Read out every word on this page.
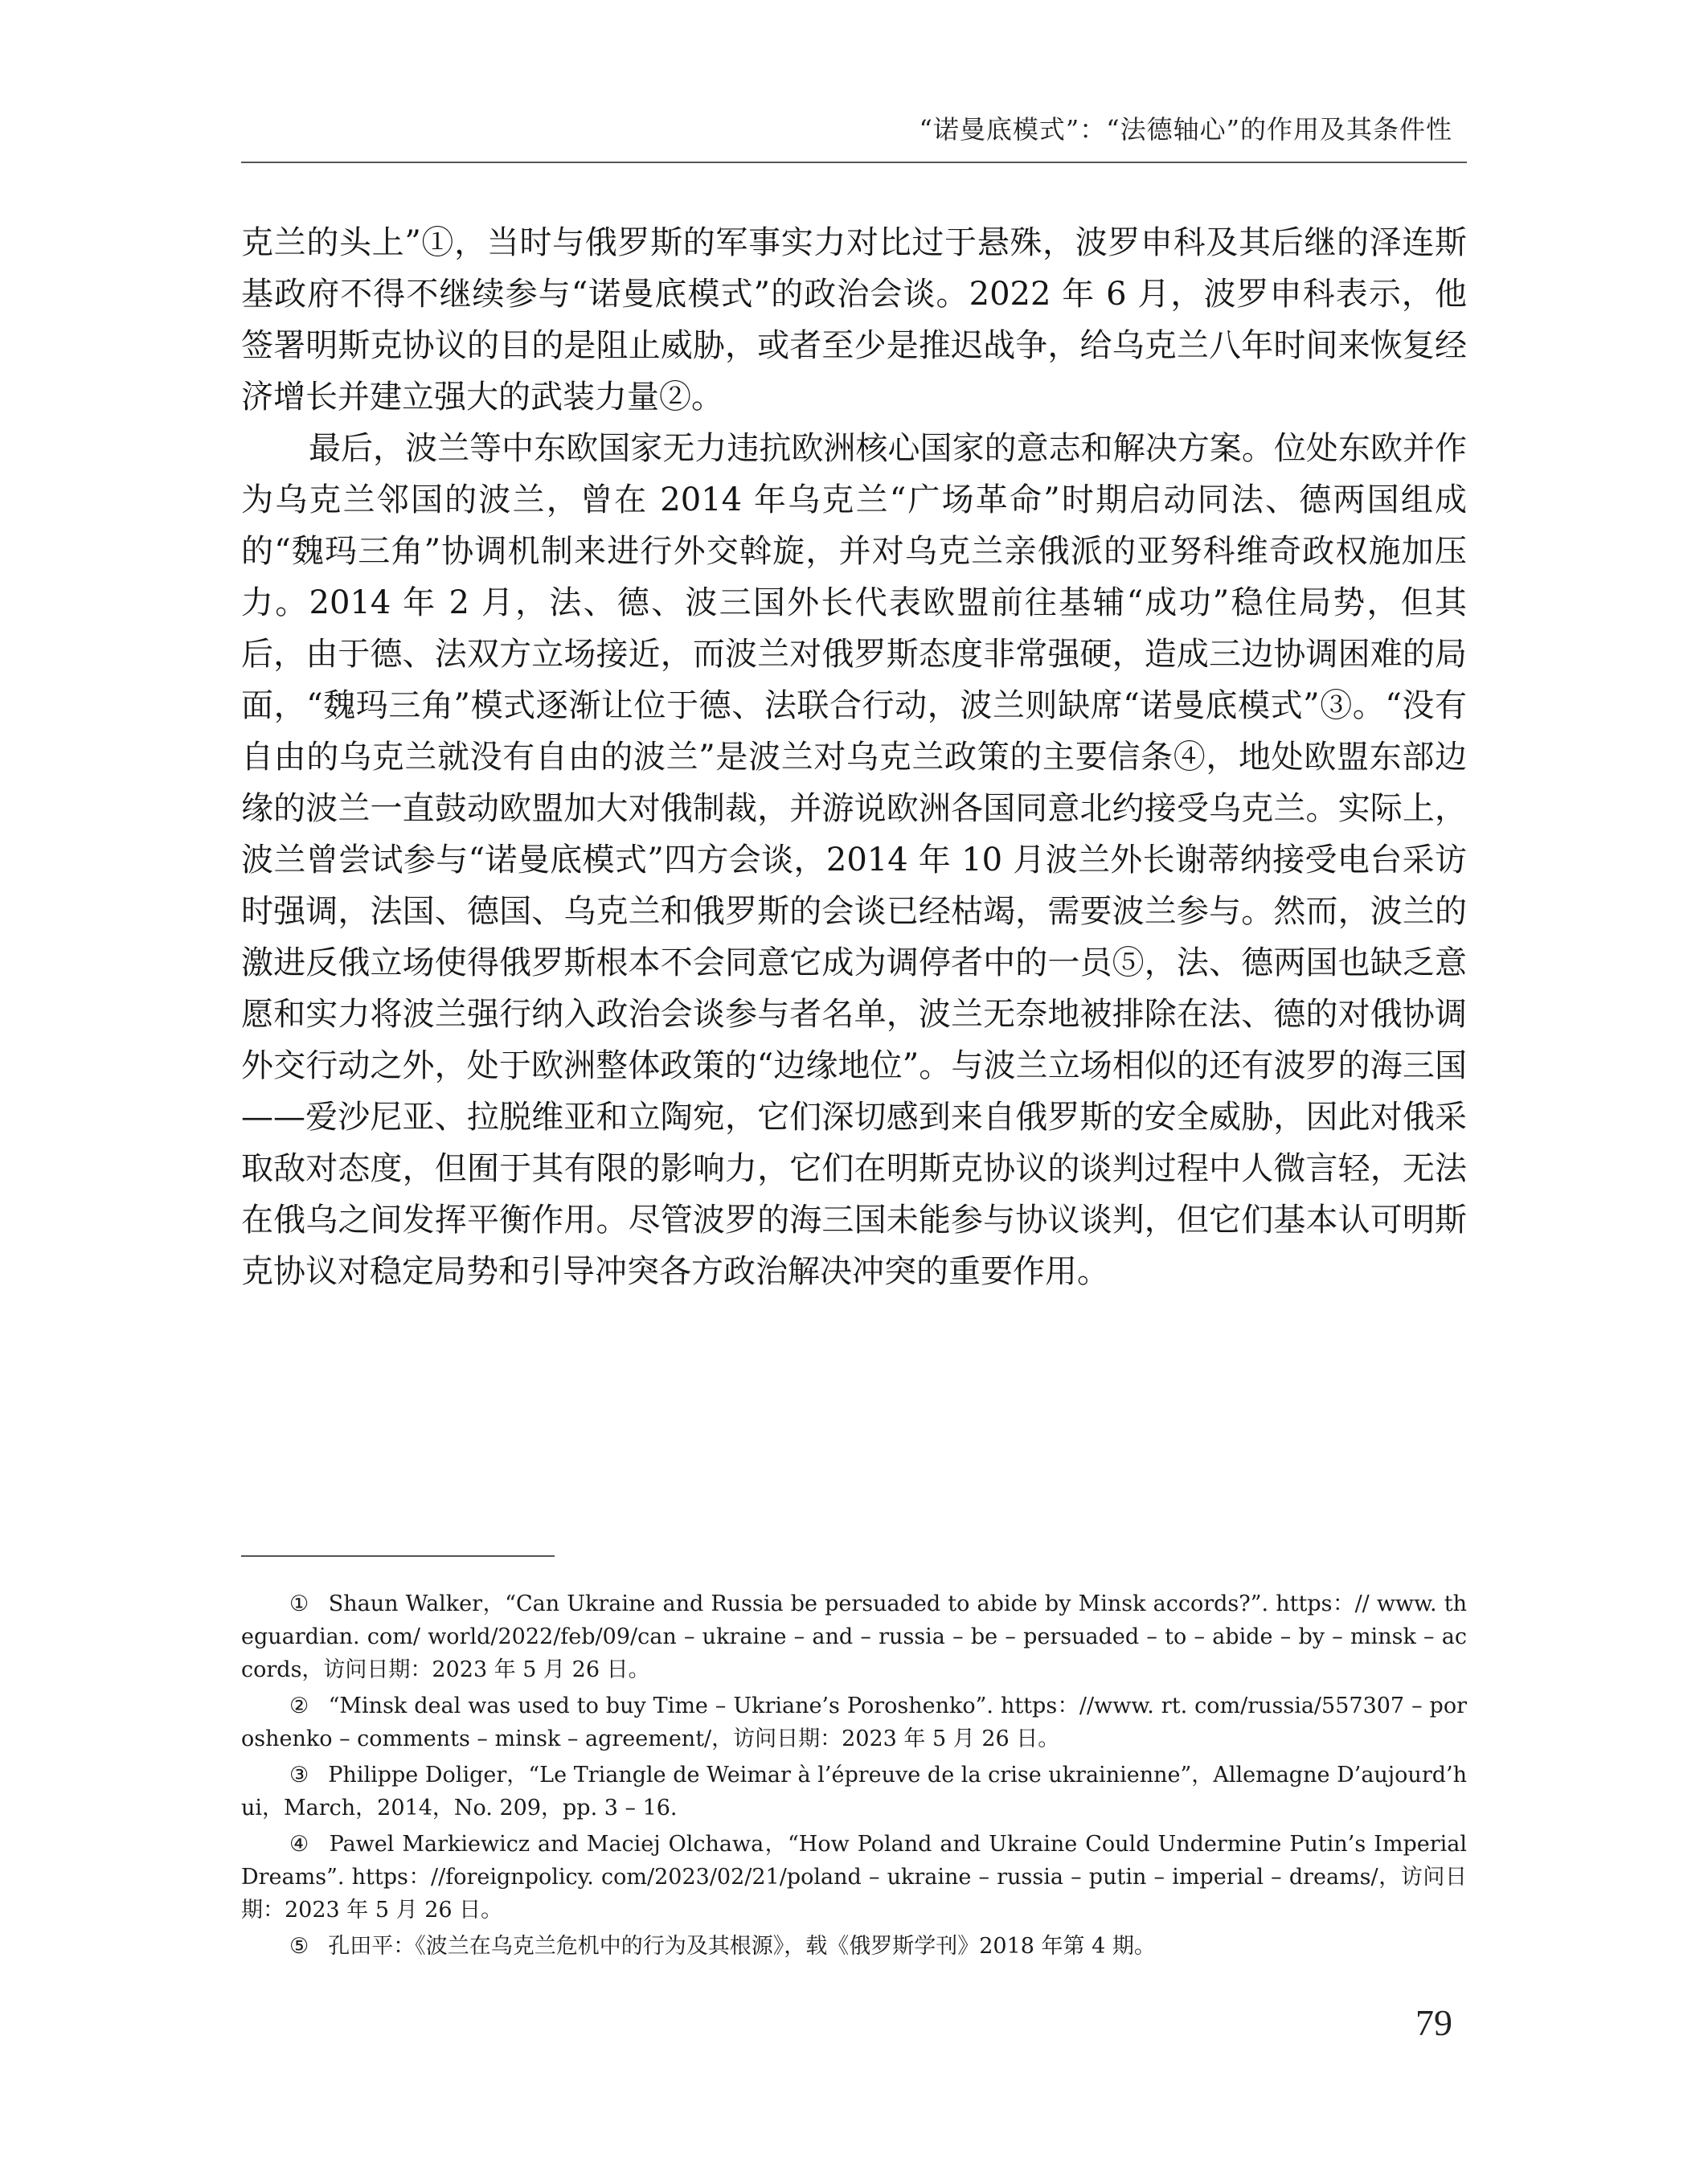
“诺曼底模式”：“法德轴心”的作用及其条件性

克兰的头上”①，当时与俄罗斯的军事实力对比过于悬殊，波罗申科及其后继的泽连斯基政府不得不继续参与“诺曼底模式”的政治会谈。2022 年 6 月，波罗申科表示，他签署明斯克协议的目的是阻止威胁，或者至少是推迟战争，给乌克兰八年时间来恢复经济增长并建立强大的武装力量②。

最后，波兰等中东欧国家无力违抗欧洲核心国家的意志和解决方案。位处东欧并作为乌克兰邻国的波兰，曾在 2014 年乌克兰“广场革命”时期启动同法、德两国组成的“魏玛三角”协调机制来进行外交斡旋，并对乌克兰亲俄派的亚努科维奇政权施加压力。2014 年 2 月，法、德、波三国外长代表欧盟前往基辅“成功”稳住局势，但其后，由于德、法双方立场接近，而波兰对俄罗斯态度非常强硬，造成三边协调困难的局面，“魏玛三角”模式逐渐让位于德、法联合行动，波兰则缺席“诺曼底模式”③。“没有自由的乌克兰就没有自由的波兰”是波兰对乌克兰政策的主要信条④，地处欧盟东部边缘的波兰一直鼓动欧盟加大对俄制裁，并游说欧洲各国同意北约接受乌克兰。实际上，波兰曾尝试参与“诺曼底模式”四方会谈，2014 年 10 月波兰外长谢蒂纳接受电台采访时强调，法国、德国、乌克兰和俄罗斯的会谈已经枯竭，需要波兰参与。然而，波兰的激进反俄立场使得俄罗斯根本不会同意它成为调停者中的一员⑤，法、德两国也缺乏意愿和实力将波兰强行纳入政治会谈参与者名单，波兰无奈地被排除在法、德的对俄协调外交行动之外，处于欧洲整体政策的“边缘地位”。与波兰立场相似的还有波罗的海三国——爱沙尼亚、拉脱维亚和立陶宛，它们深切感到来自俄罗斯的安全威胁，因此对俄采取敌对态度，但囿于其有限的影响力，它们在明斯克协议的谈判过程中人微言轻，无法在俄乌之间发挥平衡作用。尽管波罗的海三国未能参与协议谈判，但它们基本认可明斯克协议对稳定局势和引导冲突各方政治解决冲突的重要作用。

① Shaun Walker，“Can Ukraine and Russia be persuaded to abide by Minsk accords?”. https：// www. theguardian. com/ world/2022/feb/09/can – ukraine – and – russia – be – persuaded – to – abide – by – minsk – accords，访问日期：2023 年 5 月 26 日。

② “Minsk deal was used to buy Time – Ukriane’s Poroshenko”. https：//www. rt. com/russia/557307 – poroshenko – comments – minsk – agreement/，访问日期：2023 年 5 月 26 日。

③ Philippe Doliger，“Le Triangle de Weimar à l’épreuve de la crise ukrainienne”，Allemagne D’aujourd’hui，March，2014，No. 209，pp. 3 – 16.

④ Pawel Markiewicz and Maciej Olchawa，“How Poland and Ukraine Could Undermine Putin’s Imperial Dreams”. https：//foreignpolicy. com/2023/02/21/poland – ukraine – russia – putin – imperial – dreams/，访问日期：2023 年 5 月 26 日。

⑤ 孔田平：《波兰在乌克兰危机中的行为及其根源》，载《俄罗斯学刊》2018 年第 4 期。

79
